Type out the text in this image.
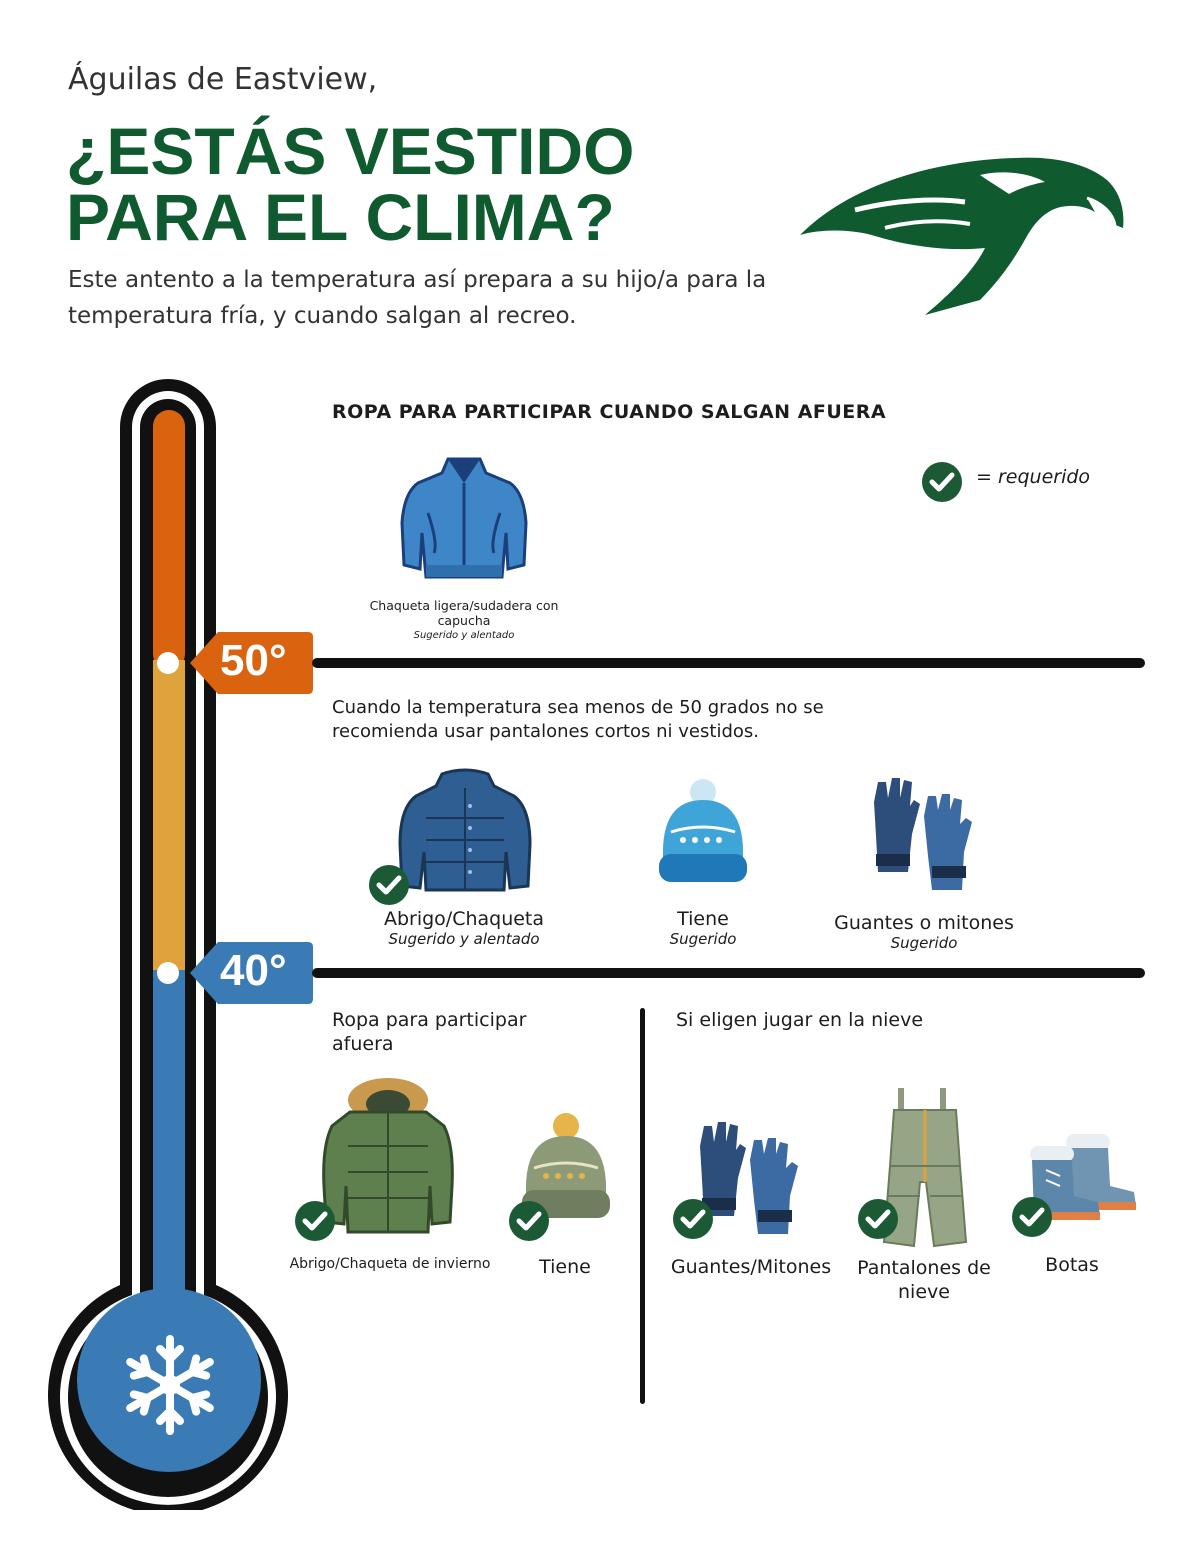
Águilas de Eastview,
¿ESTÁS VESTIDO
PARA EL CLIMA?
Este antento a la temperatura así prepara a su hijo/a para la
temperatura fría, y cuando salgan al recreo.
50°
40°
ROPA PARA PARTICIPAR CUANDO SALGAN AFUERA
= requerido
Chaqueta ligera/sudadera con
capucha
Sugerido y alentado
Cuando la temperatura sea menos de 50 grados no se
recomienda usar pantalones cortos ni vestidos.
Abrigo/Chaqueta
Sugerido y alentado
Tiene
Sugerido
Guantes o mitones
Sugerido
Ropa para participar
afuera
Si eligen jugar en la nieve
Abrigo/Chaqueta de invierno	Tiene	Guantes/Mitones	Pantalones de
nieve
Botas
